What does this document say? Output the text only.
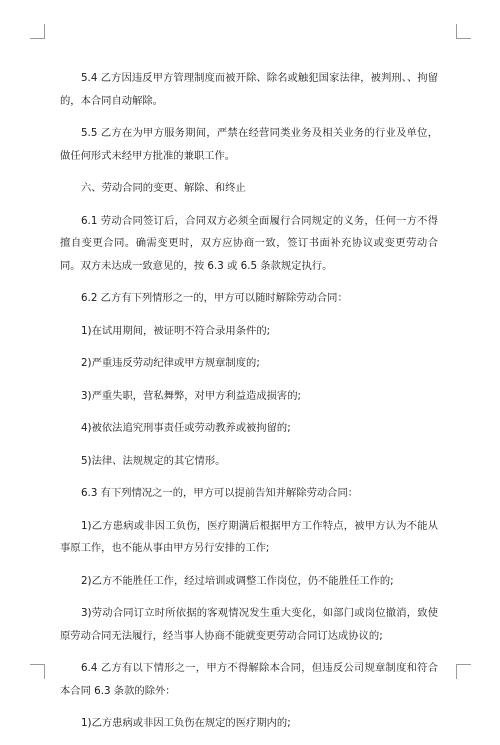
5.4 乙方因违反甲方管理制度而被开除、除名或触犯国家法律，被判刑、、拘留的，本合同自动解除。

5.5 乙方在为甲方服务期间，严禁在经营同类业务及相关业务的行业及单位，做任何形式未经甲方批准的兼职工作。

六、劳动合同的变更、解除、和终止

6.1 劳动合同签订后，合同双方必须全面履行合同规定的义务，任何一方不得擅自变更合同。确需变更时，双方应协商一致，签订书面补充协议或变更劳动合同。双方未达成一致意见的，按 6.3 或 6.5 条款规定执行。

6.2 乙方有下列情形之一的，甲方可以随时解除劳动合同：

1)在试用期间，被证明不符合录用条件的;

2)严重违反劳动纪律或甲方规章制度的;

3)严重失职，营私舞弊，对甲方利益造成损害的;

4)被依法追究刑事责任或劳动教养或被拘留的;

5)法律、法规规定的其它情形。

6.3 有下列情况之一的，甲方可以提前告知并解除劳动合同：

1)乙方患病或非因工负伤，医疗期满后根据甲方工作特点，被甲方认为不能从事原工作，也不能从事由甲方另行安排的工作;

2)乙方不能胜任工作，经过培训或调整工作岗位，仍不能胜任工作的;

3)劳动合同订立时所依据的客观情况发生重大变化，如部门或岗位撤消，致使原劳动合同无法履行，经当事人协商不能就变更劳动合同订达成协议的;

6.4 乙方有以下情形之一，甲方不得解除本合同，但违反公司规章制度和符合本合同 6.3 条款的除外：

1)乙方患病或非因工负伤在规定的医疗期内的;
